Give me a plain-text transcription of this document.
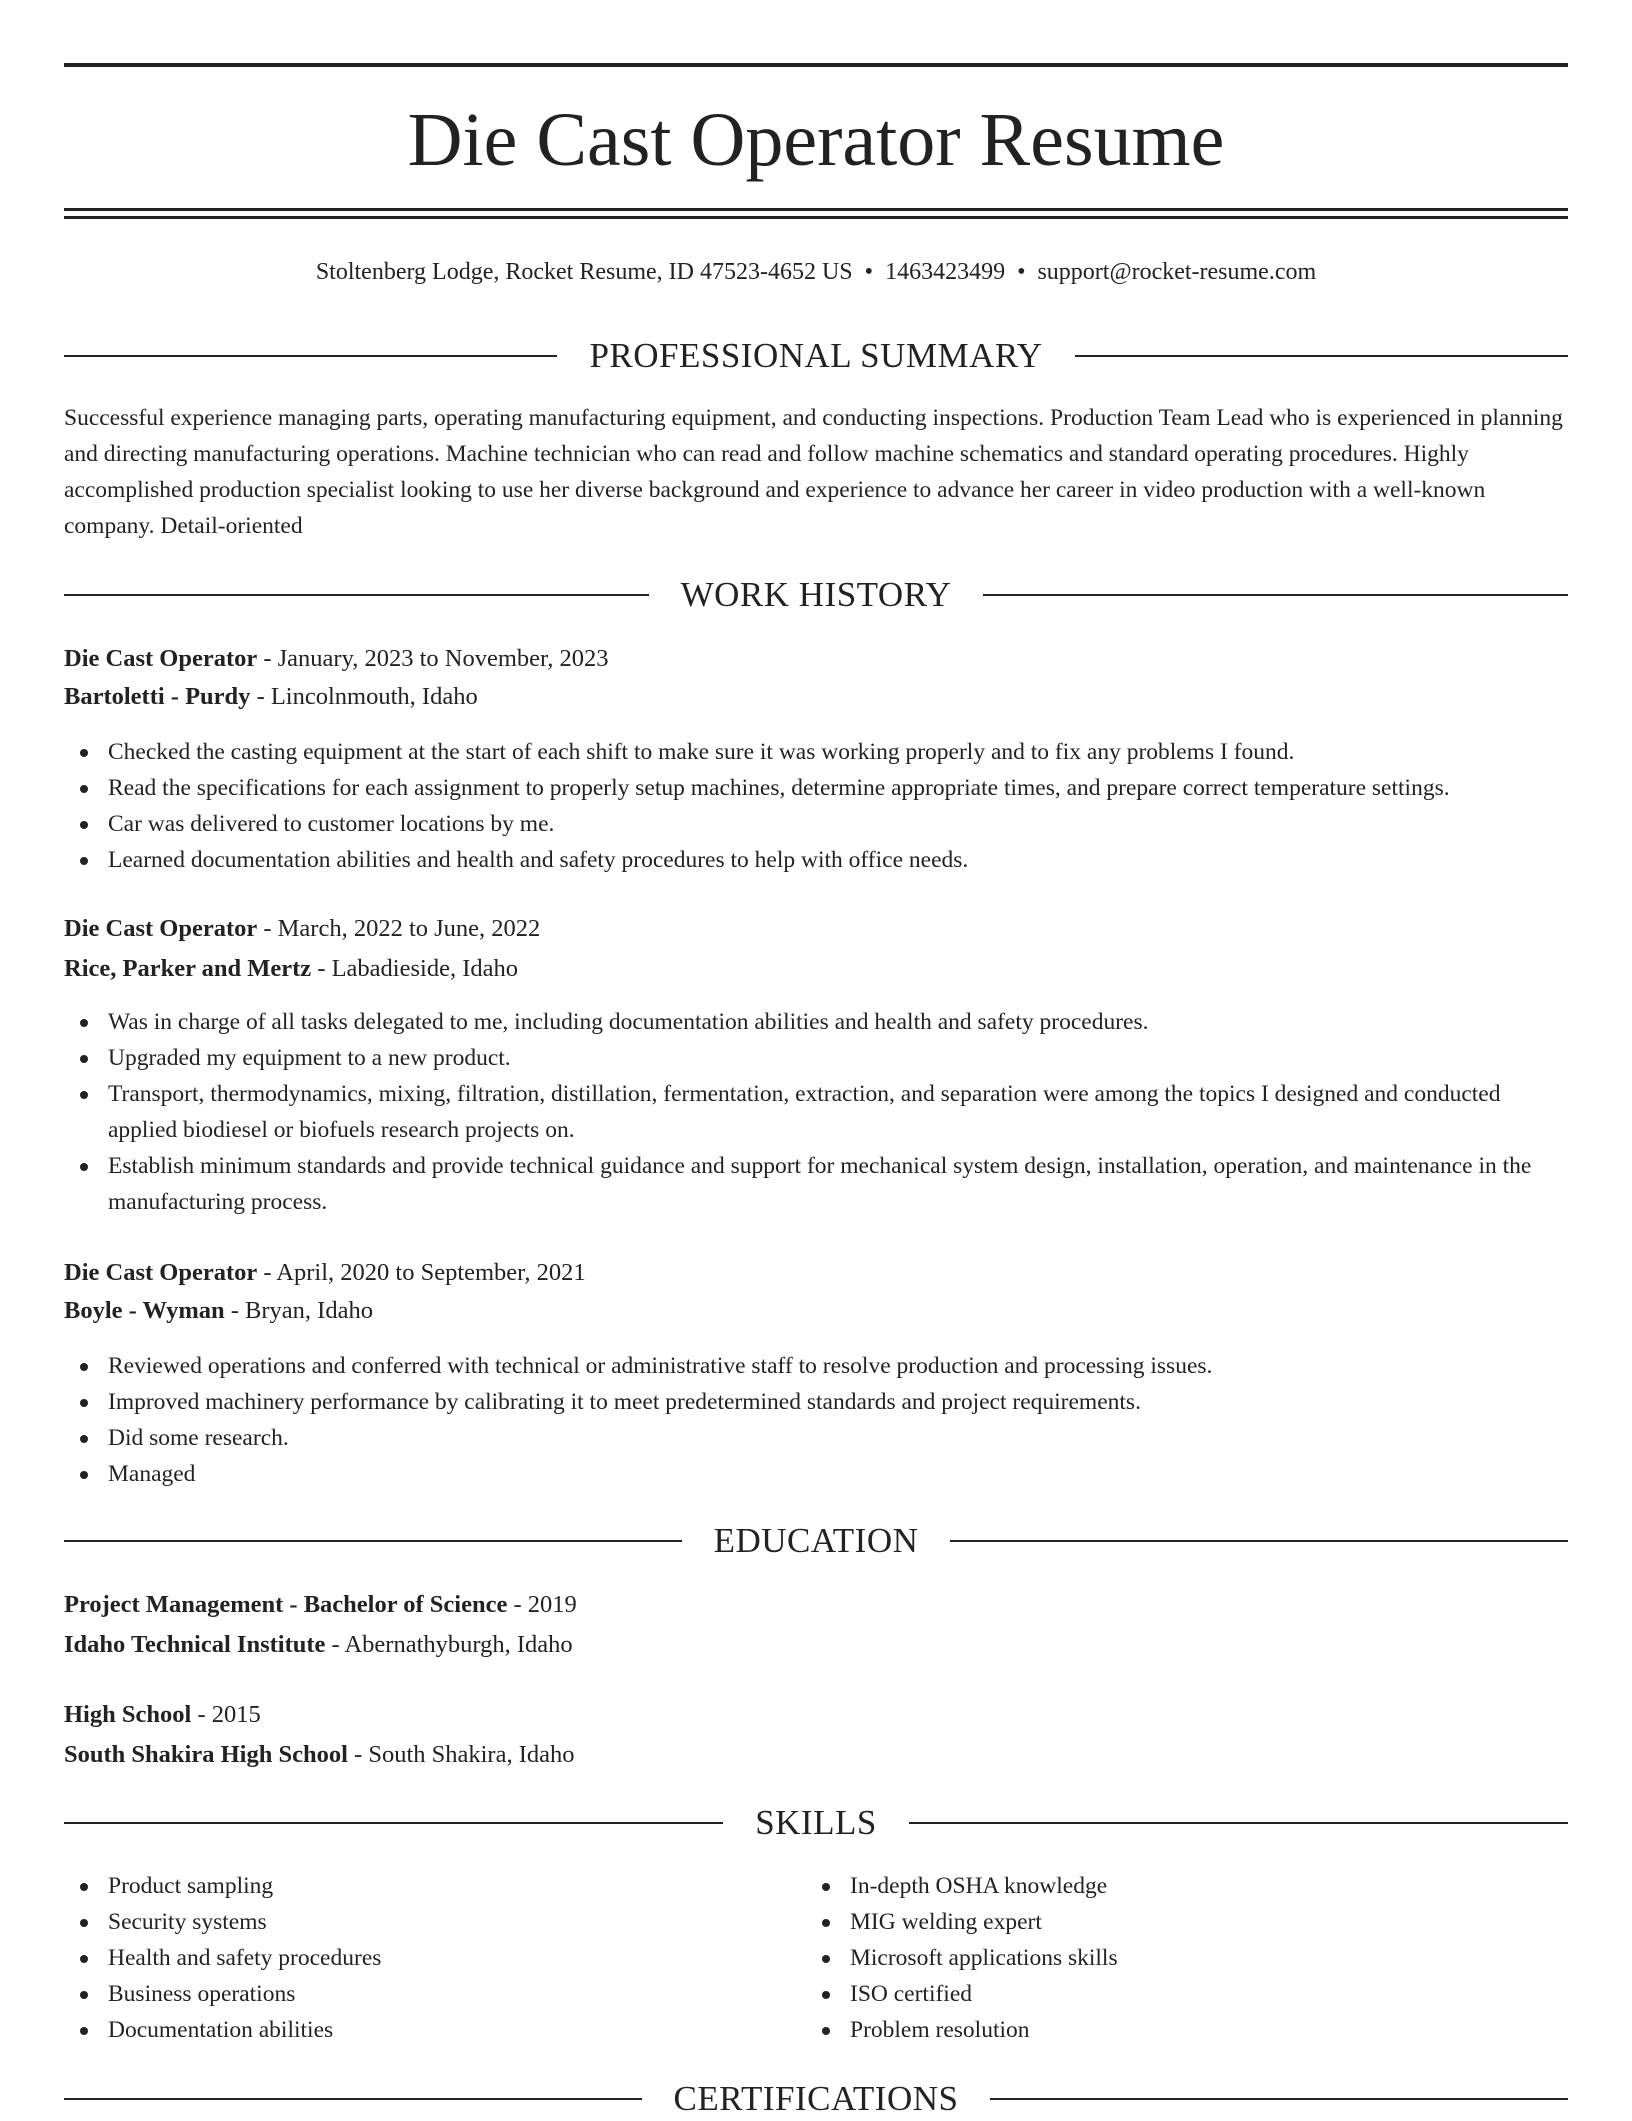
Die Cast Operator Resume
Stoltenberg Lodge, Rocket Resume, ID 47523-4652 US • 1463423499 • support@rocket-resume.com
PROFESSIONAL SUMMARY
Successful experience managing parts, operating manufacturing equipment, and conducting inspections. Production Team Lead who is experienced in planning and directing manufacturing operations. Machine technician who can read and follow machine schematics and standard operating procedures. Highly accomplished production specialist looking to use her diverse background and experience to advance her career in video production with a well-known company. Detail-oriented
WORK HISTORY
Die Cast Operator - January, 2023 to November, 2023
Bartoletti - Purdy - Lincolnmouth, Idaho
Checked the casting equipment at the start of each shift to make sure it was working properly and to fix any problems I found.
Read the specifications for each assignment to properly setup machines, determine appropriate times, and prepare correct temperature settings.
Car was delivered to customer locations by me.
Learned documentation abilities and health and safety procedures to help with office needs.
Die Cast Operator - March, 2022 to June, 2022
Rice, Parker and Mertz - Labadieside, Idaho
Was in charge of all tasks delegated to me, including documentation abilities and health and safety procedures.
Upgraded my equipment to a new product.
Transport, thermodynamics, mixing, filtration, distillation, fermentation, extraction, and separation were among the topics I designed and conducted applied biodiesel or biofuels research projects on.
Establish minimum standards and provide technical guidance and support for mechanical system design, installation, operation, and maintenance in the manufacturing process.
Die Cast Operator - April, 2020 to September, 2021
Boyle - Wyman - Bryan, Idaho
Reviewed operations and conferred with technical or administrative staff to resolve production and processing issues.
Improved machinery performance by calibrating it to meet predetermined standards and project requirements.
Did some research.
Managed
EDUCATION
Project Management - Bachelor of Science - 2019
Idaho Technical Institute - Abernathyburgh, Idaho
High School - 2015
South Shakira High School - South Shakira, Idaho
SKILLS
Product sampling
Security systems
Health and safety procedures
Business operations
Documentation abilities
In-depth OSHA knowledge
MIG welding expert
Microsoft applications skills
ISO certified
Problem resolution
CERTIFICATIONS
